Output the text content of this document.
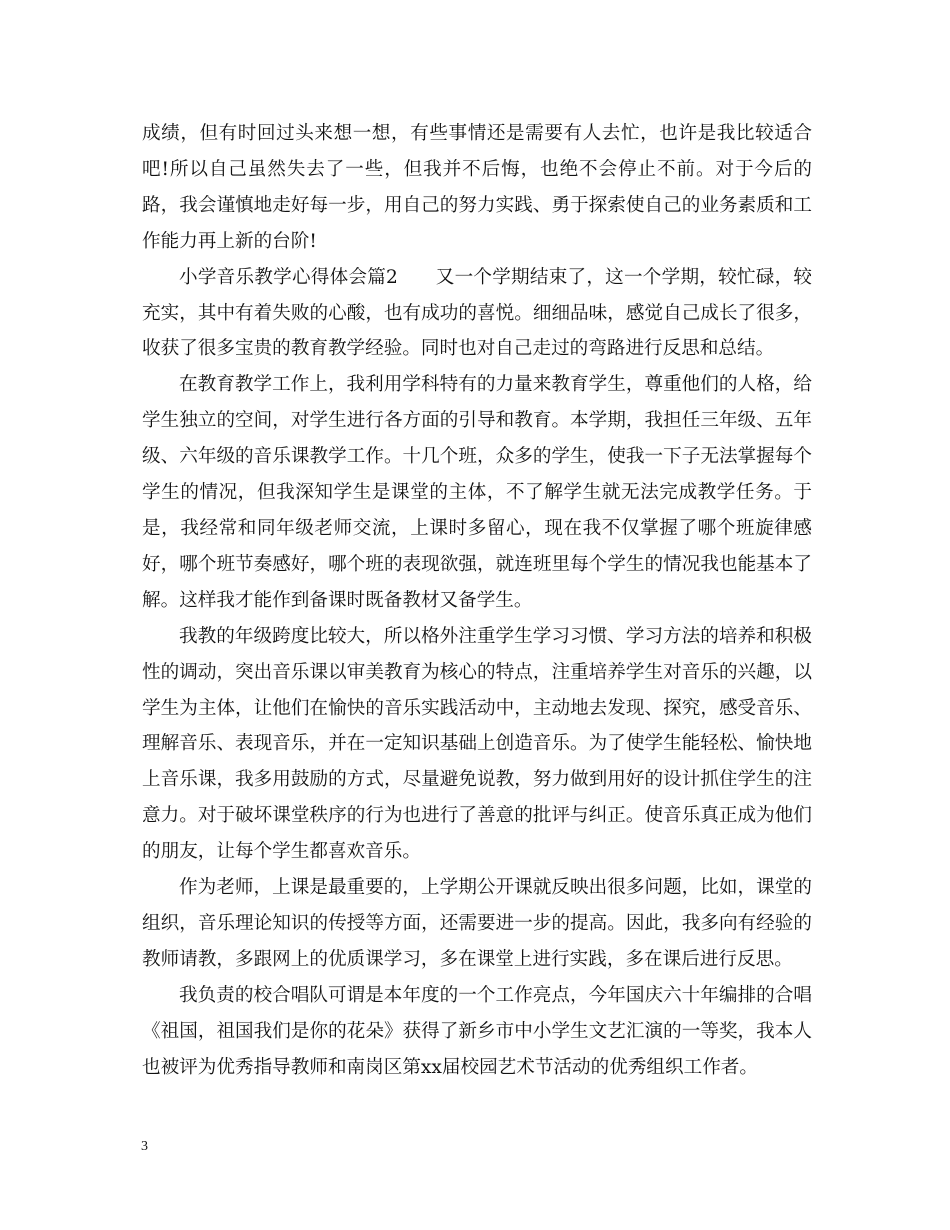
成绩，但有时回过头来想一想，有些事情还是需要有人去忙，也许是我比较适合吧!所以自己虽然失去了一些，但我并不后悔，也绝不会停止不前。对于今后的路，我会谨慎地走好每一步，用自己的努力实践、勇于探索使自己的业务素质和工作能力再上新的台阶!

小学音乐教学心得体会篇2　　又一个学期结束了，这一个学期，较忙碌，较充实，其中有着失败的心酸，也有成功的喜悦。细细品味，感觉自己成长了很多，收获了很多宝贵的教育教学经验。同时也对自己走过的弯路进行反思和总结。

在教育教学工作上，我利用学科特有的力量来教育学生，尊重他们的人格，给学生独立的空间，对学生进行各方面的引导和教育。本学期，我担任三年级、五年级、六年级的音乐课教学工作。十几个班，众多的学生，使我一下子无法掌握每个学生的情况，但我深知学生是课堂的主体，不了解学生就无法完成教学任务。于是，我经常和同年级老师交流，上课时多留心，现在我不仅掌握了哪个班旋律感好，哪个班节奏感好，哪个班的表现欲强，就连班里每个学生的情况我也能基本了解。这样我才能作到备课时既备教材又备学生。

我教的年级跨度比较大，所以格外注重学生学习习惯、学习方法的培养和积极性的调动，突出音乐课以审美教育为核心的特点，注重培养学生对音乐的兴趣，以学生为主体，让他们在愉快的音乐实践活动中，主动地去发现、探究，感受音乐、理解音乐、表现音乐，并在一定知识基础上创造音乐。为了使学生能轻松、愉快地上音乐课，我多用鼓励的方式，尽量避免说教，努力做到用好的设计抓住学生的注意力。对于破坏课堂秩序的行为也进行了善意的批评与纠正。使音乐真正成为他们的朋友，让每个学生都喜欢音乐。

作为老师，上课是最重要的，上学期公开课就反映出很多问题，比如，课堂的组织，音乐理论知识的传授等方面，还需要进一步的提高。因此，我多向有经验的教师请教，多跟网上的优质课学习，多在课堂上进行实践，多在课后进行反思。

我负责的校合唱队可谓是本年度的一个工作亮点，今年国庆六十年编排的合唱《祖国，祖国我们是你的花朵》获得了新乡市中小学生文艺汇演的一等奖，我本人也被评为优秀指导教师和南岗区第xx届校园艺术节活动的优秀组织工作者。

3
